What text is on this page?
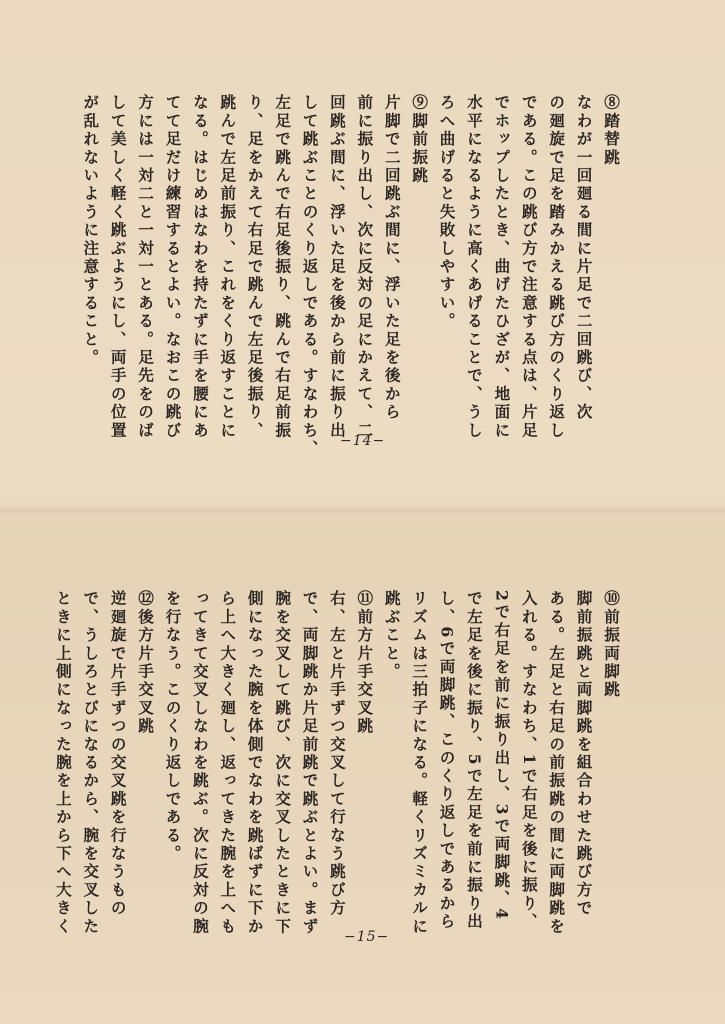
⑧踏替跳
なわが一回廻る間に片足で二回跳び、次
の廻旋で足を踏みかえる跳び方のくり返し
である。この跳び方で注意する点は、片足
でホップしたとき、曲げたひざが、地面に
水平になるように高くあげることで、うし
ろへ曲げると失敗しやすい。
⑨脚前振跳
片脚で二回跳ぶ間に、浮いた足を後から
前に振り出し、次に反対の足にかえて、二
回跳ぶ間に、浮いた足を後から前に振り出
して跳ぶことのくり返しである。すなわち、
左足で跳んで右足後振り、跳んで右足前振
り、足をかえて右足で跳んで左足後振り、
跳んで左足前振り、これをくり返すことに
なる。はじめはなわを持たずに手を腰にあ
てて足だけ練習するとよい。なおこの跳び
方には一対二と一対一とある。足先をのば
して美しく軽く跳ぶようにし、両手の位置
が乱れないように注意すること。
−14−
⑩前振両脚跳
脚前振跳と両脚跳を組合わせた跳び方で
ある。左足と右足の前振跳の間に両脚跳を
入れる。すなわち、1で右足を後に振り、
2で右足を前に振り出し、3で両脚跳、4
で左足を後に振り、5で左足を前に振り出
し、6で両脚跳、このくり返しであるから
リズムは三拍子になる。軽くリズミカルに
跳ぶこと。
⑪前方片手交叉跳
右、左と片手ずつ交叉して行なう跳び方
で、両脚跳か片足前跳で跳ぶとよい。まず
腕を交叉して跳び、次に交叉したときに下
側になった腕を体側でなわを跳ばずに下か
ら上へ大きく廻し、返ってきた腕を上へも
ってきて交叉しなわを跳ぶ。次に反対の腕
を行なう。このくり返しである。
⑫後方片手交叉跳
逆廻旋で片手ずつの交叉跳を行なうもの
で、うしろとびになるから、腕を交叉した
ときに上側になった腕を上から下へ大きく
−15−
